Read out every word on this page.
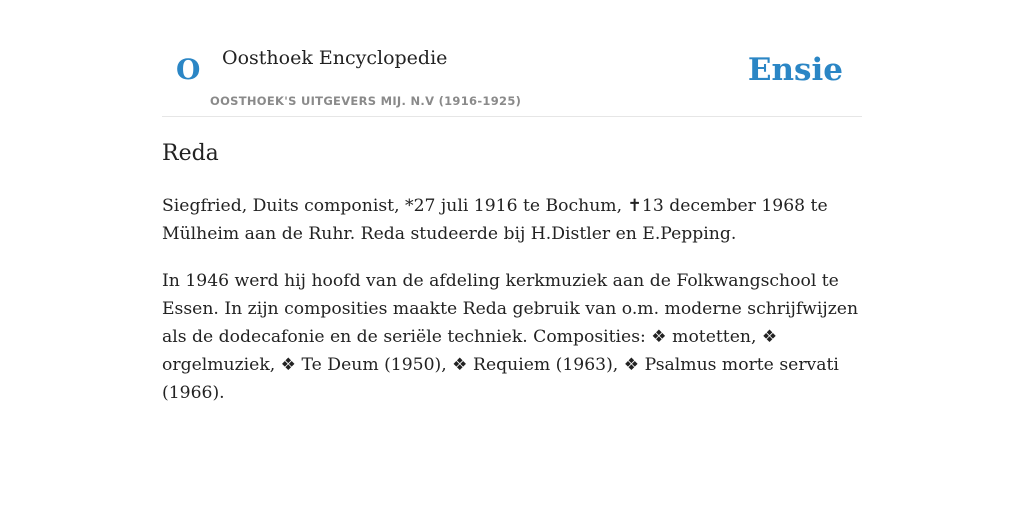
O Oosthoek Encyclopedie
OOSTHOEK'S UITGEVERS MIJ. N.V (1916-1925)
Ensie
Reda

Siegfried, Duits componist, *27 juli 1916 te Bochum, ✝13 december 1968 te Mülheim aan de Ruhr. Reda studeerde bij H.Distler en E.Pepping.

In 1946 werd hij hoofd van de afdeling kerkmuziek aan de Folkwangschool te Essen. In zijn composities maakte Reda gebruik van o.m. moderne schrijfwijzen als de dodecafonie en de seriële techniek. Composities: ❖ motetten, ❖ orgelmuziek, ❖ Te Deum (1950), ❖ Requiem (1963), ❖ Psalmus morte servati (1966).
